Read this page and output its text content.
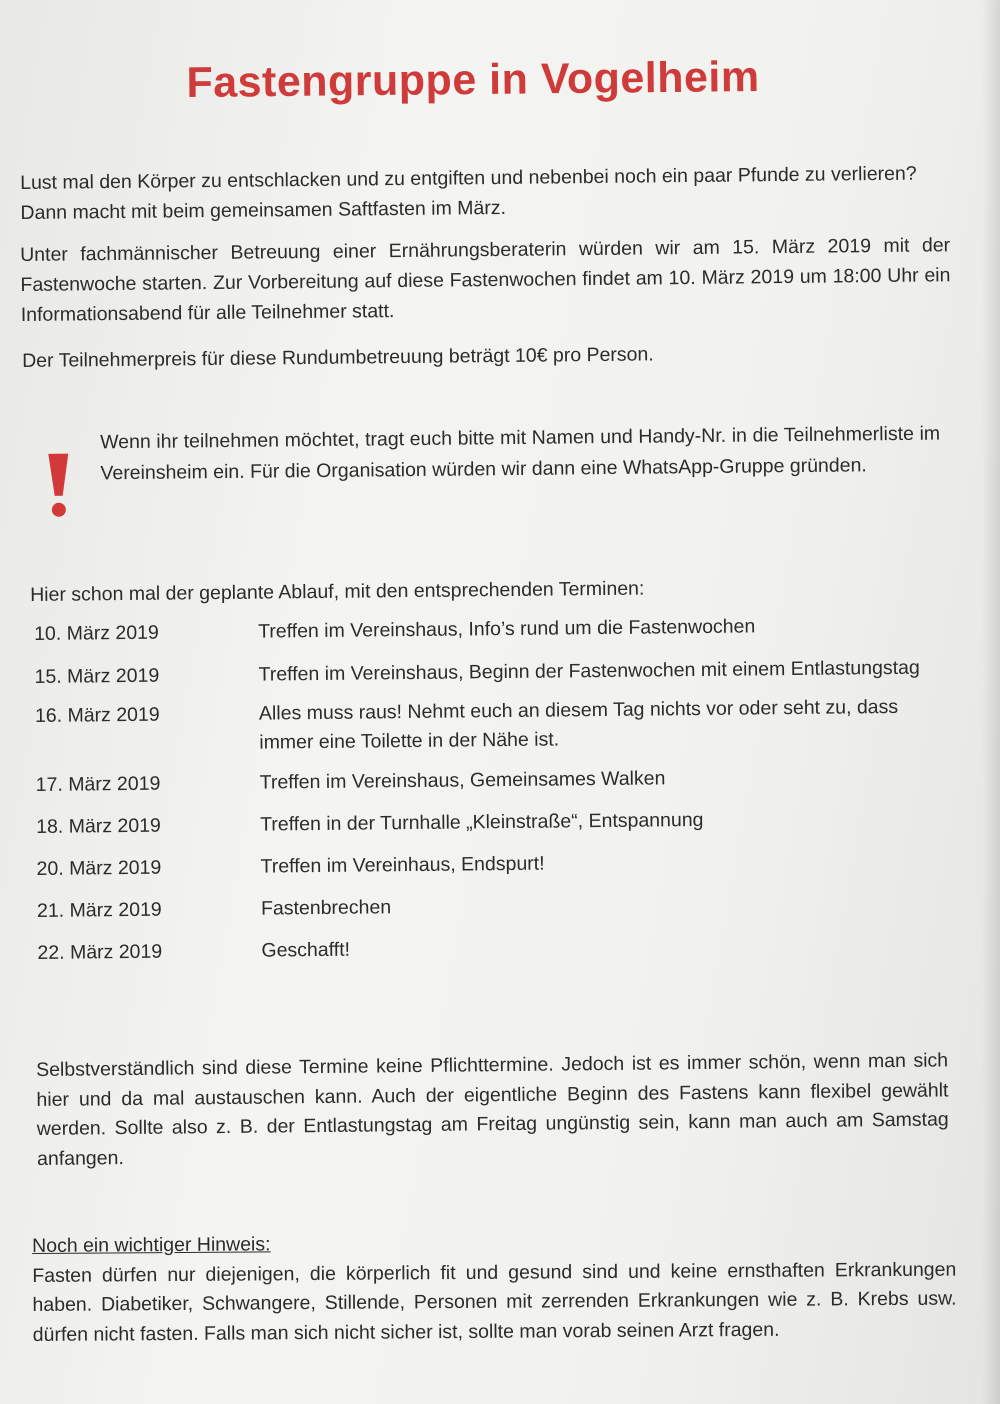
Fastengruppe in Vogelheim
Lust mal den Körper zu entschlacken und zu entgiften und nebenbei noch ein paar Pfunde zu verlieren? Dann macht mit beim gemeinsamen Saftfasten im März.
Unter fachmännischer Betreuung einer Ernährungsberaterin würden wir am 15. März 2019 mit der Fastenwoche starten. Zur Vorbereitung auf diese Fastenwochen findet am 10. März 2019 um 18:00 Uhr ein Informationsabend für alle Teilnehmer statt.
Der Teilnehmerpreis für diese Rundumbetreuung beträgt 10€ pro Person.
Wenn ihr teilnehmen möchtet, tragt euch bitte mit Namen und Handy-Nr. in die Teilnehmerliste im Vereinsheim ein. Für die Organisation würden wir dann eine WhatsApp-Gruppe gründen.
Hier schon mal der geplante Ablauf, mit den entsprechenden Terminen:
10. März 2019	Treffen im Vereinshaus, Info’s rund um die Fastenwochen
15. März 2019	Treffen im Vereinshaus, Beginn der Fastenwochen mit einem Entlastungstag
16. März 2019	Alles muss raus! Nehmt euch an diesem Tag nichts vor oder seht zu, dass immer eine Toilette in der Nähe ist.
17. März 2019	Treffen im Vereinshaus, Gemeinsames Walken
18. März 2019	Treffen in der Turnhalle „Kleinstraße“, Entspannung
20. März 2019	Treffen im Vereinhaus, Endspurt!
21. März 2019	Fastenbrechen
22. März 2019	Geschafft!
Selbstverständlich sind diese Termine keine Pflichttermine. Jedoch ist es immer schön, wenn man sich hier und da mal austauschen kann. Auch der eigentliche Beginn des Fastens kann flexibel gewählt werden. Sollte also z. B. der Entlastungstag am Freitag ungünstig sein, kann man auch am Samstag anfangen.
Noch ein wichtiger Hinweis:
Fasten dürfen nur diejenigen, die körperlich fit und gesund sind und keine ernsthaften Erkrankungen haben. Diabetiker, Schwangere, Stillende, Personen mit zerrenden Erkrankungen wie z. B. Krebs usw. dürfen nicht fasten. Falls man sich nicht sicher ist, sollte man vorab seinen Arzt fragen.
